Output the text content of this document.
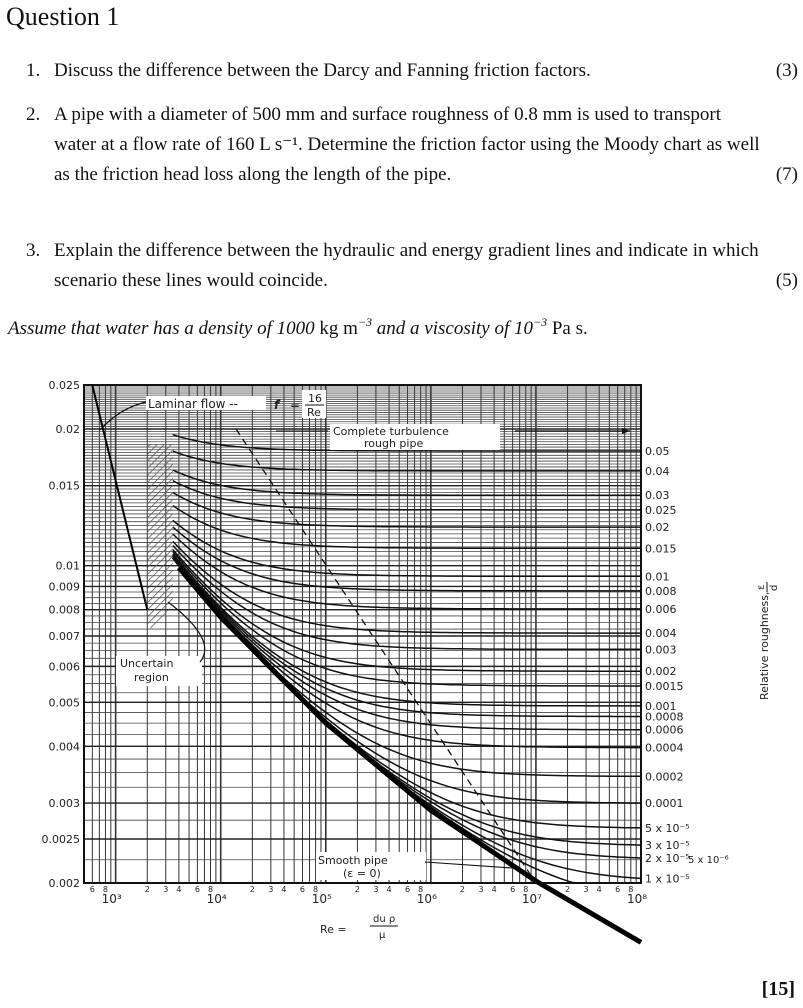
Question 1
1. Discuss the difference between the Darcy and Fanning friction factors.	(3)
2. A pipe with a diameter of 500 mm and surface roughness of 0.8 mm is used to transport water at a flow rate of 160 L s⁻¹. Determine the friction factor using the Moody chart as well as the friction head loss along the length of the pipe.	(7)
3. Explain the difference between the hydraulic and energy gradient lines and indicate in which scenario these lines would coincide.	(5)
Assume that water has a density of 1000 kg $m^{-3}$ and a viscosity of $10^{-3}$ Pa s.
0.025
0.02
0.015
0.01
0.009
0.008
0.007
0.006
0.005
0.004
0.003
0.0025
0.002
10³	10⁴	10⁵	10⁶	10⁷	10⁸
6 8	2 3 4 6 8	2 3 4 6 8	2 3 4 6 8	2 3 4 6 8	2 3 4 6 8
0.05
0.04
0.03
0.025
0.02
0.015
0.01
0.008
0.006
0.004
0.003
0.002
0.0015
0.001
0.0008
0.0006
0.0004
0.0002
0.0001
5 x 10⁻⁵
3 x 10⁻⁵
2 x 10⁻⁵
1 x 10⁻⁵
5 x 10⁻⁶
Laminar flow --	f = 16
Re
Complete turbulence
rough pipe
Uncertain
region
Smooth pipe
(ε = 0)
Re =
du ρ
μ
Relative roughness,
ε d
[15]
